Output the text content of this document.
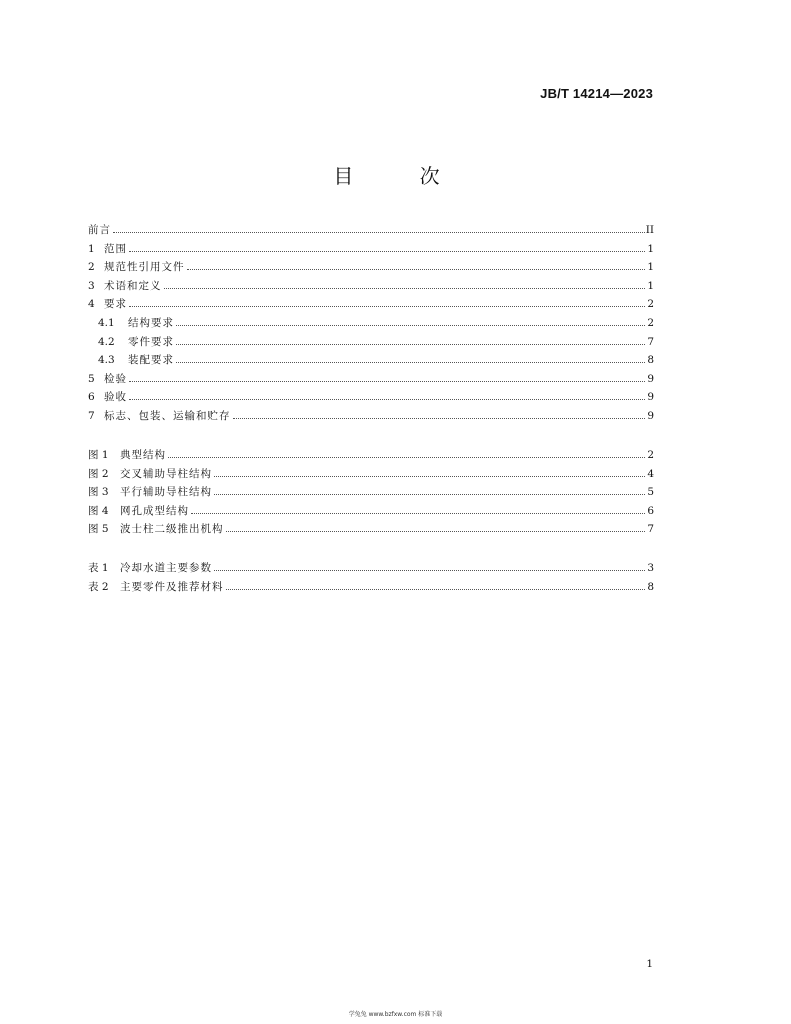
JB/T 14214—2023
目 次
前言	II
1 范围	1
2 规范性引用文件	1
3 术语和定义	1
4 要求	2
4.1	结构要求	2
4.2	零件要求	7
4.3	装配要求	8
5 检验	9
6 验收	9
7 标志、包装、运输和贮存	9
图 1	典型结构	2
图 2	交叉辅助导柱结构	4
图 3	平行辅助导柱结构	5
图 4	网孔成型结构	6
图 5	波士柱二级推出机构	7
表 1	冷却水道主要参数	3
表 2	主要零件及推荐材料	8
1
学兔兔 www.bzfxw.com 标准下载
